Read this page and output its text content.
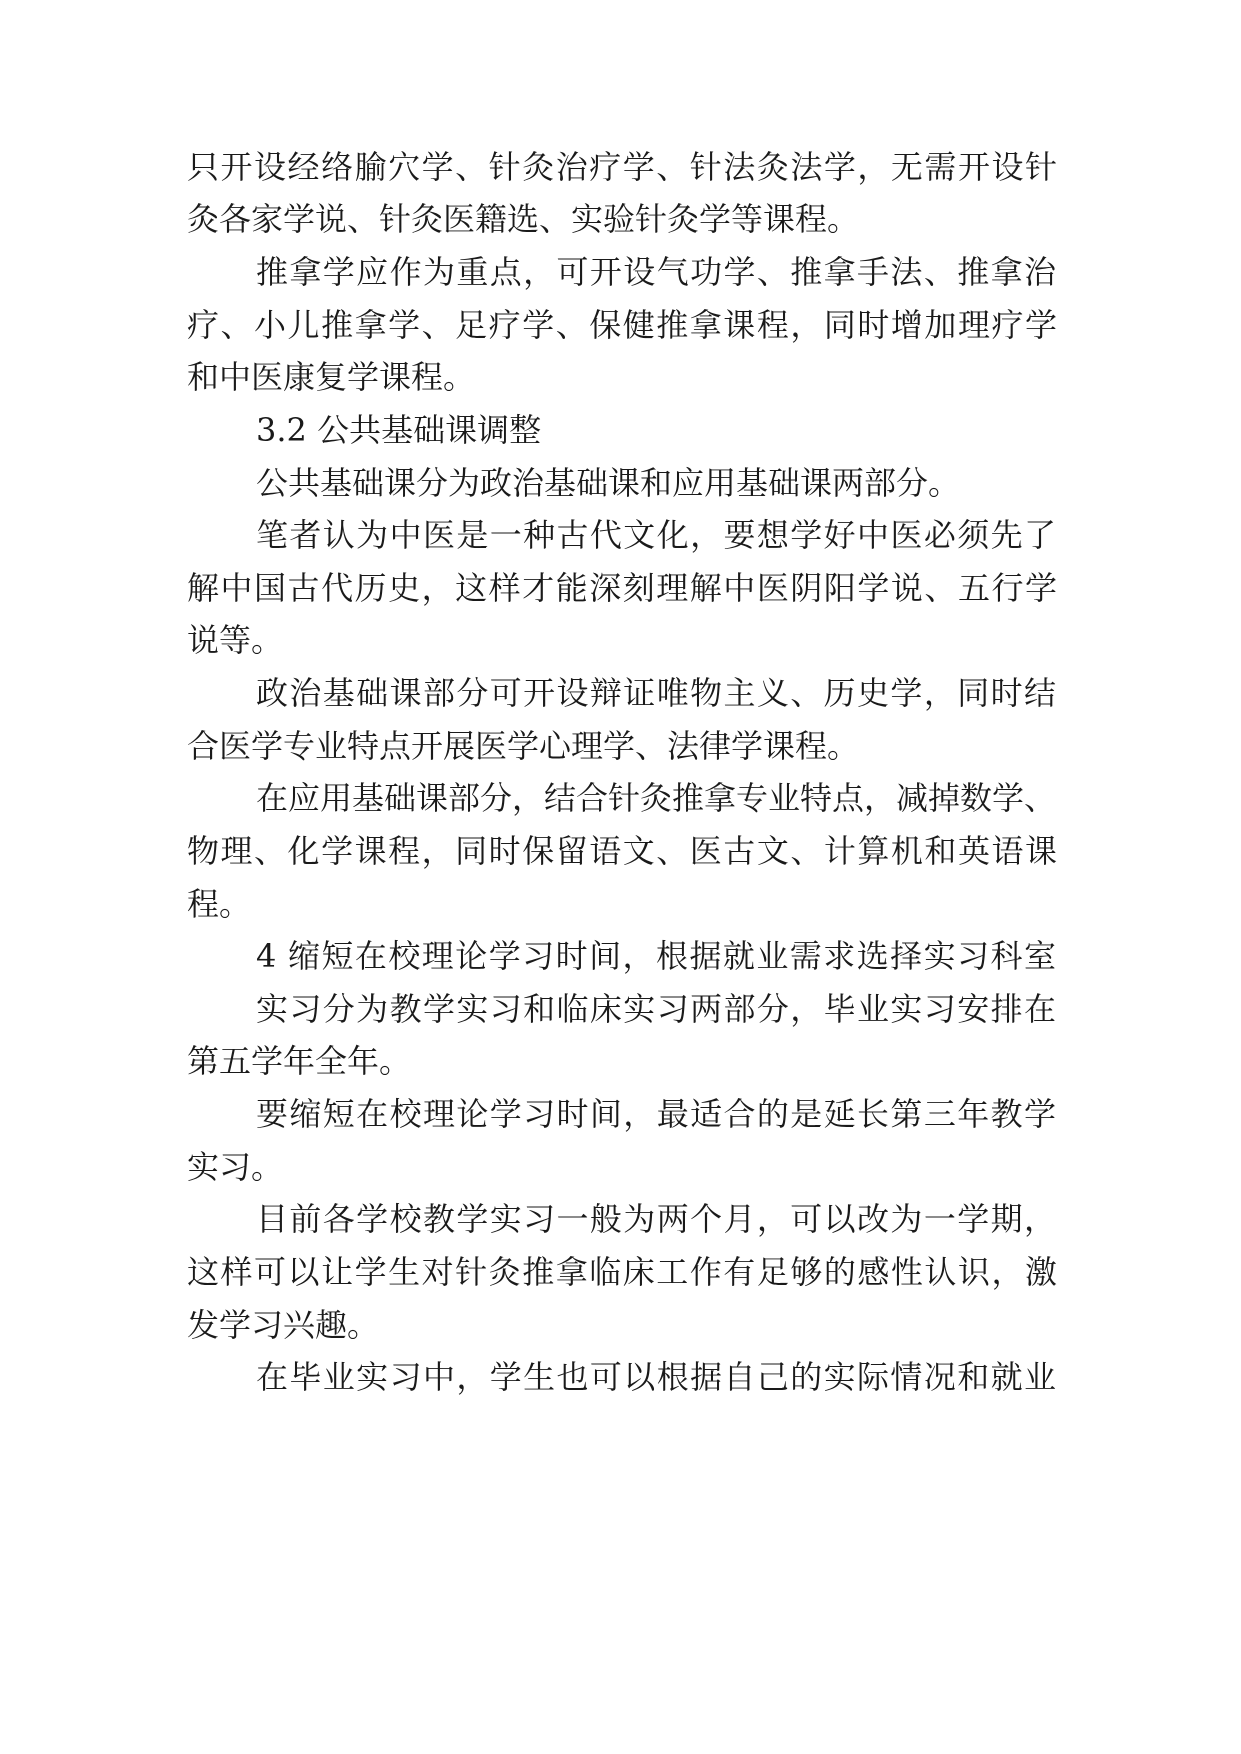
只开设经络腧穴学、针灸治疗学、针法灸法学，无需开设针

灸各家学说、针灸医籍选、实验针灸学等课程。

推拿学应作为重点，可开设气功学、推拿手法、推拿治

疗、小儿推拿学、足疗学、保健推拿课程，同时增加理疗学

和中医康复学课程。

3.2 公共基础课调整

公共基础课分为政治基础课和应用基础课两部分。

笔者认为中医是一种古代文化，要想学好中医必须先了

解中国古代历史，这样才能深刻理解中医阴阳学说、五行学

说等。

政治基础课部分可开设辩证唯物主义、历史学，同时结

合医学专业特点开展医学心理学、法律学课程。

在应用基础课部分，结合针灸推拿专业特点，减掉数学、

物理、化学课程，同时保留语文、医古文、计算机和英语课

程。

4 缩短在校理论学习时间，根据就业需求选择实习科室

实习分为教学实习和临床实习两部分，毕业实习安排在

第五学年全年。

要缩短在校理论学习时间，最适合的是延长第三年教学

实习。

目前各学校教学实习一般为两个月，可以改为一学期，

这样可以让学生对针灸推拿临床工作有足够的感性认识，激

发学习兴趣。

在毕业实习中，学生也可以根据自己的实际情况和就业
